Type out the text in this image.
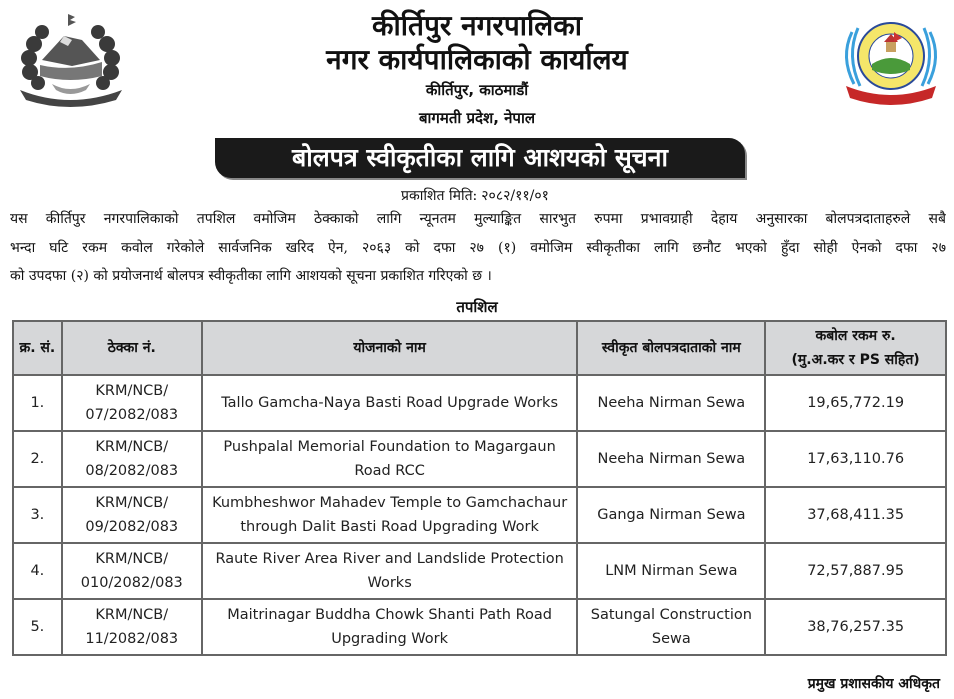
कीर्तिपुर नगरपालिका
नगर कार्यपालिकाको कार्यालय
कीर्तिपुर, काठमाडौं
बागमती प्रदेश, नेपाल
बोलपत्र स्वीकृतीका लागि आशयको सूचना
प्रकाशित मिति: २०८२/११/०१
यस कीर्तिपुर नगरपालिकाको तपशिल वमोजिम ठेक्काको लागि न्यूनतम मुल्याङ्कित सारभुत रुपमा प्रभावग्राही देहाय अनुसारका बोलपत्रदाताहरुले सबै
भन्दा घटि रकम कवोल गरेकोले सार्वजनिक खरिद ऐन, २०६३ को दफा २७ (१) वमोजिम स्वीकृतीका लागि छनौट भएको हुँदा सोही ऐनको दफा २७
को उपदफा (२) को प्रयोजनार्थ बोलपत्र स्वीकृतीका लागि आशयको सूचना प्रकाशित गरिएको छ ।
तपशिल
क्र. सं.	ठेक्का नं.	योजनाको नाम	स्वीकृत बोलपत्रदाताको नाम	कबोल रकम रु.
(मु.अ.कर र PS सहित)

1.	KRM/NCB/ 07/2082/083	Tallo Gamcha-Naya Basti Road Upgrade Works	Neeha Nirman Sewa	19,65,772.19
2.	KRM/NCB/ 08/2082/083	Pushpalal Memorial Foundation to Magargaun Road RCC	Neeha Nirman Sewa	17,63,110.76
3.	KRM/NCB/ 09/2082/083	Kumbheshwor Mahadev Temple to Gamchachaur through Dalit Basti Road Upgrading Work	Ganga Nirman Sewa	37,68,411.35
4.	KRM/NCB/ 010/2082/083	Raute River Area River and Landslide Protection Works	LNM Nirman Sewa	72,57,887.95
5.	KRM/NCB/ 11/2082/083	Maitrinagar Buddha Chowk Shanti Path Road Upgrading Work	Satungal Construction Sewa	38,76,257.35
प्रमुख प्रशासकीय अधिकृत
